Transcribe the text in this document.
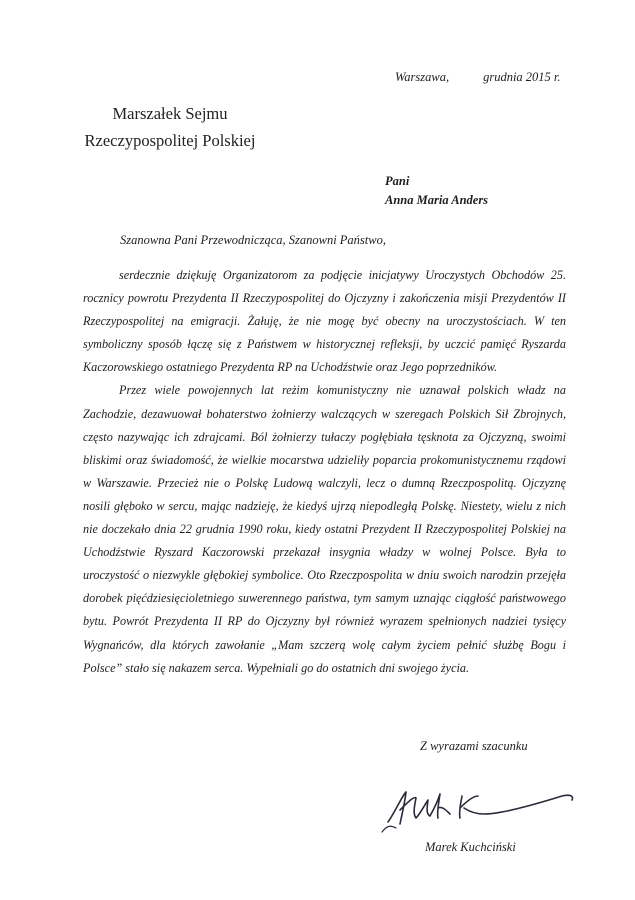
Warszawa,	grudnia 2015 r.
Marszałek Sejmu
Rzeczypospolitej Polskiej
Pani
Anna Maria Anders
Szanowna Pani Przewodnicząca, Szanowni Państwo,

serdecznie dziękuję Organizatorom za podjęcie inicjatywy Uroczystych Obchodów 25. rocznicy powrotu Prezydenta II Rzeczypospolitej do Ojczyzny i zakończenia misji Prezydentów II Rzeczypospolitej na emigracji. Żałuję, że nie mogę być obecny na uroczystościach. W ten symboliczny sposób łączę się z Państwem w historycznej refleksji, by uczcić pamięć Ryszarda Kaczorowskiego ostatniego Prezydenta RP na Uchodźstwie oraz Jego poprzedników.

Przez wiele powojennych lat reżim komunistyczny nie uznawał polskich władz na Zachodzie, dezawuował bohaterstwo żołnierzy walczących w szeregach Polskich Sił Zbrojnych, często nazywając ich zdrajcami. Ból żołnierzy tułaczy pogłębiała tęsknota za Ojczyzną, swoimi bliskimi oraz świadomość, że wielkie mocarstwa udzieliły poparcia prokomunistycznemu rządowi w Warszawie. Przecież nie o Polskę Ludową walczyli, lecz o dumną Rzeczpospolitą. Ojczyznę nosili głęboko w sercu, mając nadzieję, że kiedyś ujrzą niepodległą Polskę. Niestety, wielu z nich nie doczekało dnia 22 grudnia 1990 roku, kiedy ostatni Prezydent II Rzeczypospolitej Polskiej na Uchodźstwie Ryszard Kaczorowski przekazał insygnia władzy w wolnej Polsce. Była to uroczystość o niezwykle głębokiej symbolice. Oto Rzeczpospolita w dniu swoich narodzin przejęła dorobek pięćdziesięcioletniego suwerennego państwa, tym samym uznając ciągłość państwowego bytu. Powrót Prezydenta II RP do Ojczyzny był również wyrazem spełnionych nadziei tysięcy Wygnańców, dla których zawołanie „Mam szczerą wolę całym życiem pełnić służbę Bogu i Polsce” stało się nakazem serca. Wypełniali go do ostatnich dni swojego życia.

Z wyrazami szacunku
Marek Kuchciński
